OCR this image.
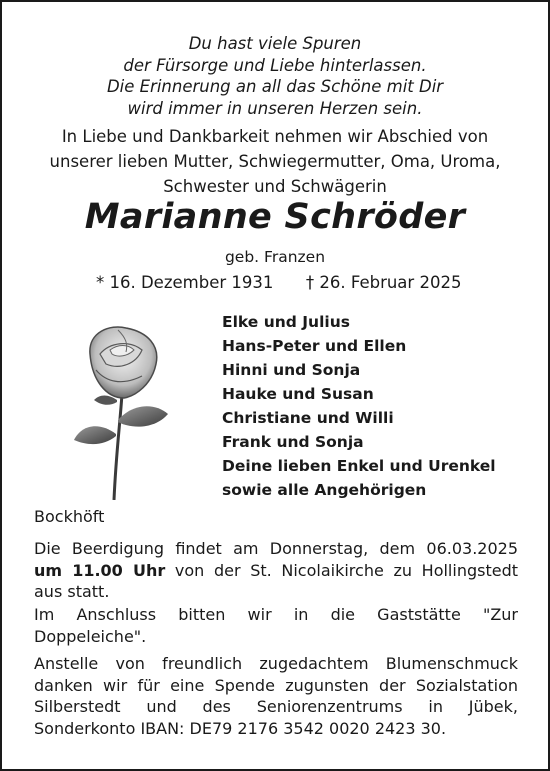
Du hast viele Spuren
der Fürsorge und Liebe hinterlassen.
Die Erinnerung an all das Schöne mit Dir
wird immer in unseren Herzen sein.
In Liebe und Dankbarkeit nehmen wir Abschied von
unserer lieben Mutter, Schwiegermutter, Oma, Uroma,
Schwester und Schwägerin
Marianne Schröder
geb. Franzen
* 16. Dezember 1931 † 26. Februar 2025
Elke und Julius
Hans-Peter und Ellen
Hinni und Sonja
Hauke und Susan
Christiane und Willi
Frank und Sonja
Deine lieben Enkel und Urenkel
sowie alle Angehörigen
Bockhöft
Die Beerdigung findet am Donnerstag, dem 06.03.2025
um 11.00 Uhr von der St. Nicolaikirche zu Hollingstedt
aus statt.
Im Anschluss bitten wir in die Gaststätte "Zur
Doppeleiche".
Anstelle von freundlich zugedachtem Blumenschmuck
danken wir für eine Spende zugunsten der Sozialstation
Silberstedt und des Seniorenzentrums in Jübek,
Sonderkonto IBAN: DE79 2176 3542 0020 2423 30.
